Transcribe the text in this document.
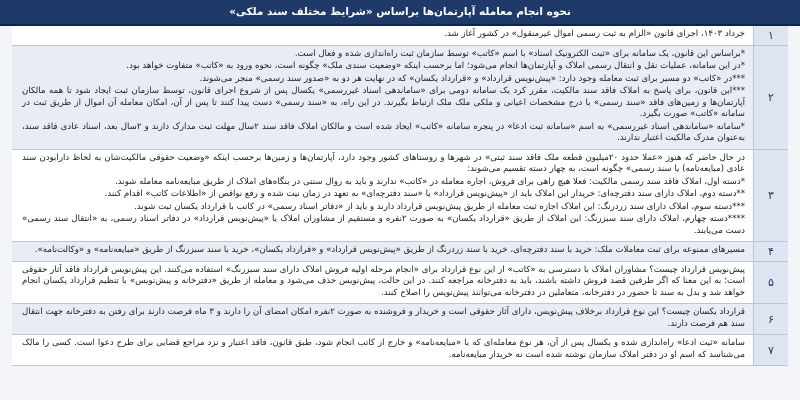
نحوه انجام معامله آپارتمان‌ها براساس «شرایط مختلف سند ملکی»
۱

خرداد ۱۴۰۳، اجرای قانون «الزام به ثبت رسمی اموال غیرمنقول» در کشور آغاز شد.

۲

*براساس این قانون، یک سامانه برای «ثبت الکترونیک اسناد» با اسم «کاتب» توسط سازمان ثبت راه‌اندازی شده و فعال است.

*در این سامانه، عملیات نقل و انتقال رسمی املاک و آپارتمان‌ها انجام می‌شود؛ اما برحسب اینکه «وضعیت سندی ملک» چگونه است، نحوه ورود به «کاتب» متفاوت خواهد بود.

***در «کاتب» دو مسیر برای ثبت معامله وجود دارد: «پیش‌نویس قرارداد» و «قرارداد یکسان» که در نهایت هر دو به «صدور سند رسمی» منجر می‌شوند.

***این قانون، برای پاسخ به املاک فاقد سند مالکیت، مقرر کرد یک سامانه دومی برای «ساماندهی اسناد غیررسمی» یکسال پس از شروع اجرای قانون، توسط سازمان ثبت ایجاد شود تا همه مالکان آپارتمان‌ها و زمین‌های فاقد «سند رسمی» با درج مشخصات اعیانی و ملکی ملک ملک ارتباط بگیرند. در این راه، به «سند رسمی» دست پیدا کنند تا پس از آن، امکان معامله آن اموال از طریق ثبت در سامانه «کاتب» صورت بگیرد.

*سامانه «ساماندهی اسناد غیررسمی» به اسم «سامانه ثبت ادعا» در پنجره سامانه «کاتب» ایجاد شده است و مالکان املاک فاقد سند ۲سال مهلت ثبت مدارک دارند و ۲سال بعد، اسناد عادی فاقد سند، به‌عنوان مدرک مالکیت اعتبار ندارند.

۳

در حال حاضر که هنوز «عملا حدود ۲۰میلیون قطعه ملک فاقد سند ثبتی» در شهرها و روستاهای کشور وجود دارد، آپارتمان‌ها و زمین‌ها برحسب اینکه «وضعیت حقوقی مالکیت‌شان به لحاظ دارابودن سند عادی (مبایعه‌نامه) یا سند رسمی» چگونه است، به چهار دسته تقسیم می‌شوند:

*دسته اول، املاک فاقد سند رسمی مالکیت: فعلا هیچ راهی برای فروش، اجاره معامله در «کاتب» ندارند و باید به روال سنتی در بنگاه‌های املاک از طریق مبایعه‌نامه معامله شوند.

**دسته دوم، املاک دارای سند دفترچه‌ای: خریدار این املاک باید از «پیش‌نویس قرارداد» یا «سند دفترچه‌ای» به تعهد در زمان نیت شده و رفع نواقص از «اطلاعات کاتب» اقدام کنند.

***دسته سوم، املاک دارای سند زردرنگ: این املاک اجازه ثبت معامله از طریق پیش‌نویس قرارداد دارند و باید از «دفاتر اسناد رسمی» در کاتب با قرارداد یکسان ثبت شوند.

****دسته چهارم، املاک دارای سند سبزرنگ: این املاک از طریق «قرارداد یکسان» به صورت ۲نفره و مستقیم از مشاوران املاک یا «پیش‌نویس قرارداد» در دفاتر اسناد رسمی، به «انتقال سند رسمی» دست می‌یابند.

۴

مسیرهای ممنوعه برای ثبت معاملات ملک: خرید با سند دفترچه‌ای، خرید با سند زردرنگ از طریق «پیش‌نویس قرارداد» و «قرارداد یکسان»، خرید با سند سبزرنگ از طریق «مبایعه‌نامه» و «وکالت‌نامه».

۵

پیش‌نویس قرارداد چیست؟ مشاوران املاک با دسترسی به «کاتب» از این نوع قرارداد برای «انجام مرحله اولیه فروش املاک دارای سند سبزرنگ» استفاده می‌کنند. این پیش‌نویس قرارداد فاقد آثار حقوقی است؛ به این معنا که اگر طرفین قصد فروش داشته باشند، باید به دفترخانه مراجعه کنند. در این حالت، پیش‌نویس حذف می‌شود و معامله از طریق «دفترخانه و پیش‌نویس» با تنظیم قرارداد یکسان انجام خواهد شد و بدل به سند تا حضور در دفترخانه، متعاملین در دفترخانه می‌توانند پیش‌نویس را اصلاح کنند.

۶

قرارداد یکسان چیست؟ این نوع قرارداد برخلاف پیش‌نویس، دارای آثار حقوقی است و خریدار و فروشنده به صورت ۲نفره امکان امضای آن را دارند و ۳ ماه فرصت دارند برای رفتن به دفترخانه جهت انتقال سند هم فرصت دارند.

۷

سامانه «ثبت ادعا» راه‌اندازی شده و یکسال پس از آن، هر نوع معامله‌ای که با «مبایعه‌نامه» و خارج از کاتب انجام شود، طبق قانون، فاقد اعتبار و نزد مراجع قضایی برای طرح دعوا است. کسی را مالک می‌شناسد که اسم او در دفتر املاک سازمان نوشته شده است نه خریدار مبایعه‌نامه.
